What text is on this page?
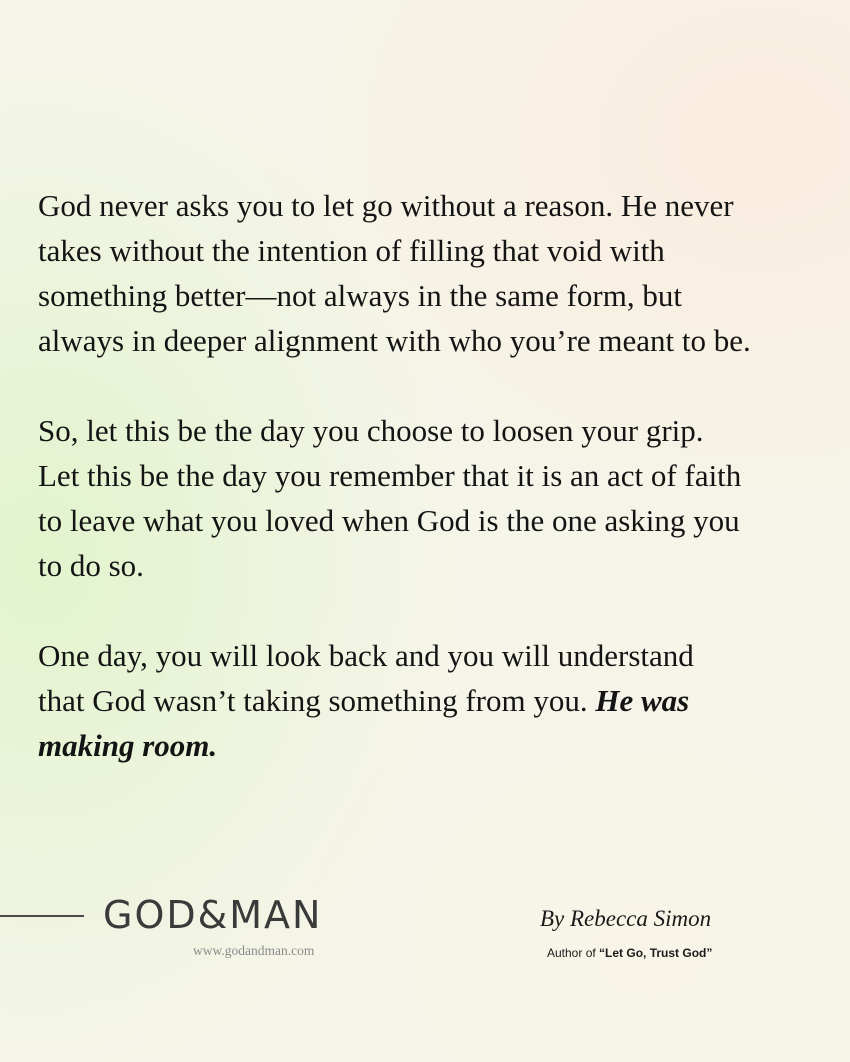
God never asks you to let go without a reason. He never
takes without the intention of filling that void with
something better—not always in the same form, but
always in deeper alignment with who you’re meant to be.

So, let this be the day you choose to loosen your grip.
Let this be the day you remember that it is an act of faith
to leave what you loved when God is the one asking you
to do so.

One day, you will look back and you will understand
that God wasn’t taking something from you. He was
making room.

GOD&MAN
www.godandman.com
By Rebecca Simon
Author of “Let Go, Trust God”
